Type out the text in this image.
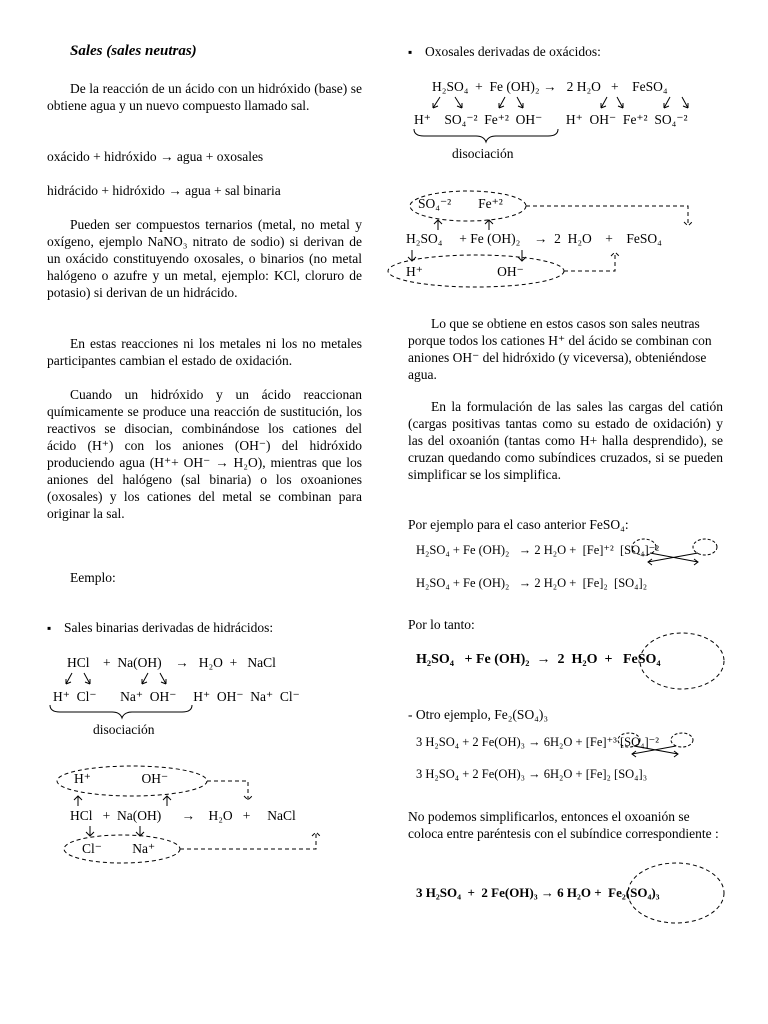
Sales (sales neutras)

De la reacción de un ácido con un hidróxido (base) se obtiene agua y un nuevo compuesto llamado sal.

oxácido + hidróxido → agua + oxosales

hidrácido + hidróxido → agua + sal binaria

Pueden ser compuestos ternarios (metal, no metal y oxígeno, ejemplo NaNO₃ nitrato de sodio) si derivan de un oxácido constituyendo oxosales, o binarios (no metal halógeno o azufre y un metal, ejemplo: KCl, cloruro de potasio) si derivan de un hidrácido.

En estas reacciones ni los metales ni los no metales participantes cambian el estado de oxidación.

Cuando un hidróxido y un ácido reaccionan químicamente se produce una reacción de sustitución, los reactivos se disocian, combinándose los cationes del ácido (H⁺) con los aniones (OH⁻) del hidróxido produciendo agua (H⁺+ OH⁻ → H₂O), mientras que los aniones del halógeno (sal binaria) o los oxoaniones (oxosales) y los cationes del metal se combinan para originar la sal.

Eemplo:

▪ Sales binarias derivadas de hidrácidos:

HCl    +  Na(OH)    →   H₂O  +   NaCl

H⁺  Cl⁻       Na⁺  OH⁻     H⁺  OH⁻  Na⁺  Cl⁻

disociación

H⁺               OH⁻

HCl   +  Na(OH)      →    H₂O   +     NaCl

Cl⁻         Na⁺

▪ Oxosales derivadas de oxácidos:

H₂SO₄  +  Fe (OH)₂ →   2 H₂O   +    FeSO₄

H⁺    SO₄⁻²  Fe⁺²  OH⁻       H⁺  OH⁻  Fe⁺²  SO₄⁻²

disociación

SO₄⁻²        Fe⁺²

H₂SO₄     + Fe (OH)₂    →  2  H₂O    +    FeSO₄

H⁺                      OH⁻

Lo que se obtiene en estos casos son sales neutras porque todos los cationes H⁺ del ácido se combinan con aniones OH⁻ del hidróxido (y viceversa), obteniéndose agua.

En la formulación de las sales las cargas del catión (cargas positivas tantas como su estado de oxidación) y las del oxoanión (tantas como H+ halla desprendido), se cruzan quedando como subíndices cruzados, si se pueden simplificar se los simplifica.

Por ejemplo para el caso anterior FeSO₄:

H₂SO₄ + Fe (OH)₂   → 2 H₂O +  [Fe]⁺²  [SO₄]⁻²

H₂SO₄ + Fe (OH)₂   → 2 H₂O +  [Fe]₂  [SO₄]₂

Por lo tanto:

H₂SO₄   + Fe (OH)₂  →  2  H₂O  +   FeSO₄

- Otro ejemplo, Fe₂(SO₄)₃

3 H₂SO₄ + 2 Fe(OH)₃ → 6H₂O + [Fe]⁺³ [SO₄]⁻²

3 H₂SO₄ + 2 Fe(OH)₃ → 6H₂O + [Fe]₂ [SO₄]₃

No podemos simplificarlos, entonces el oxoanión se coloca entre paréntesis con el subíndice correspondiente :

3 H₂SO₄  +  2 Fe(OH)₃ → 6 H₂O +  Fe₂(SO₄)₃
